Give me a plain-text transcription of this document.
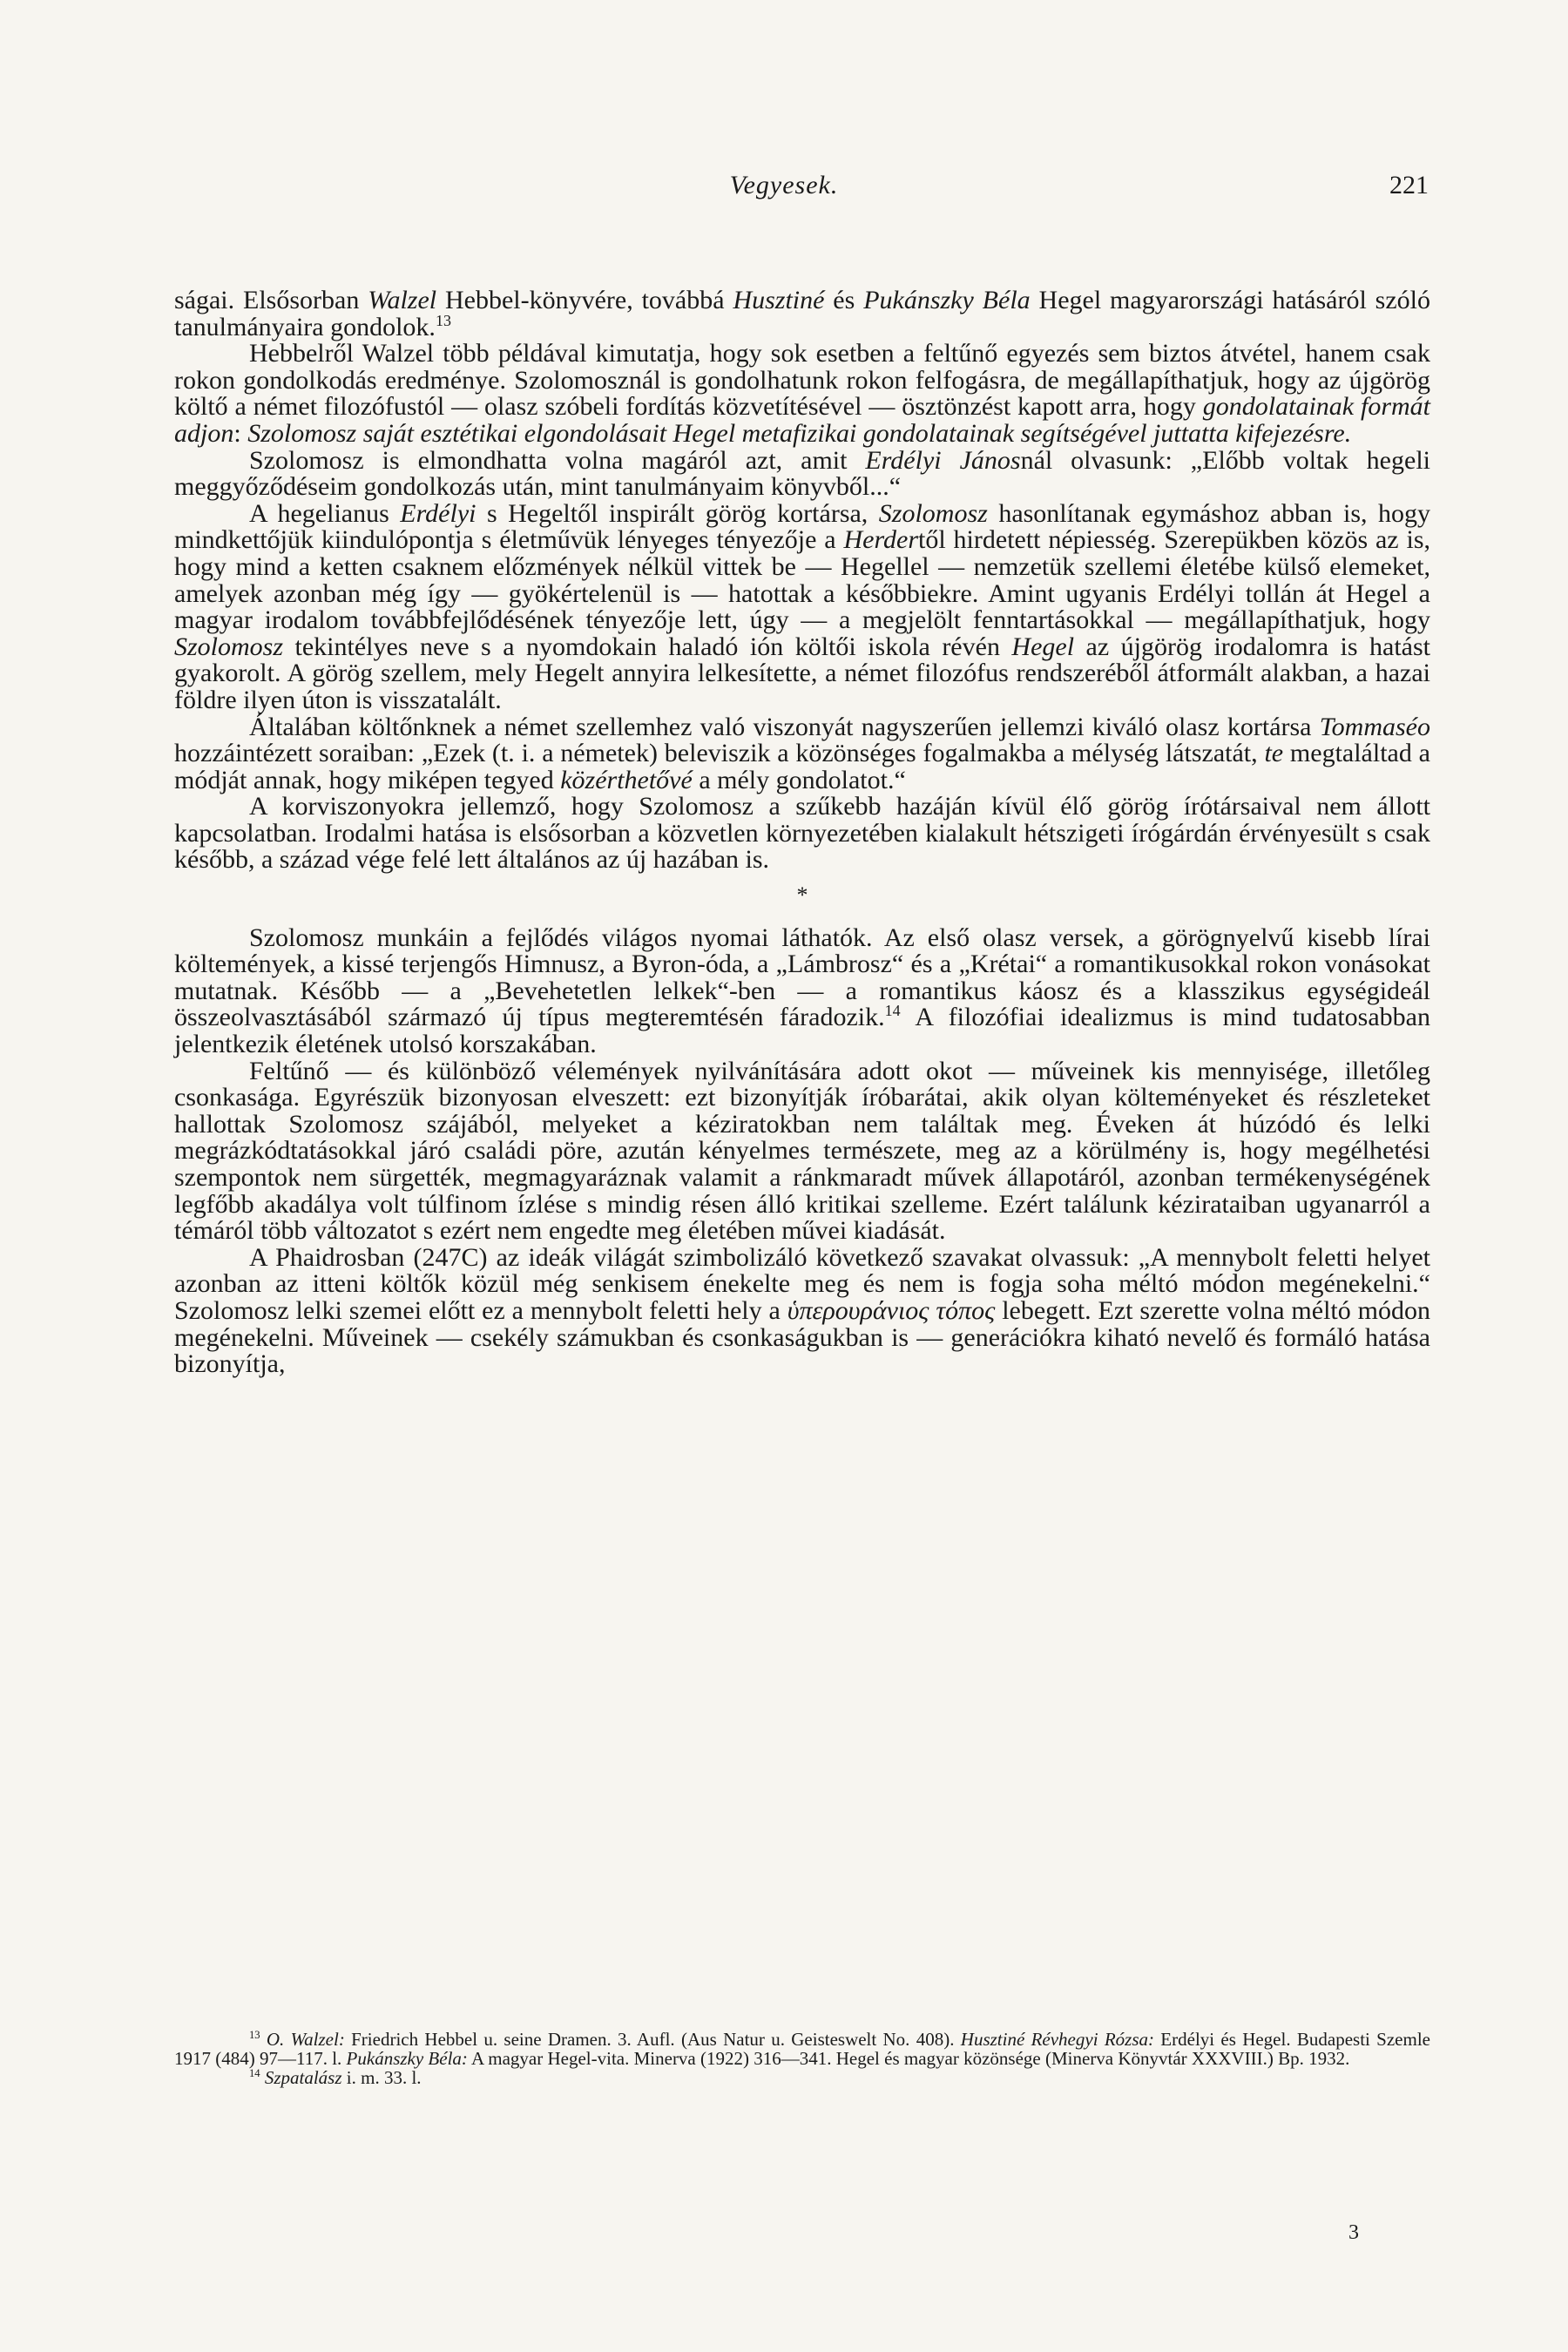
Vegyesek.	221

ságai. Elsősorban Walzel Hebbel-könyvére, továbbá Husztiné és Pukánszky Béla Hegel magyarországi hatásáról szóló tanulmányaira gondolok.$^{13}$

Hebbelről Walzel több példával kimutatja, hogy sok esetben a feltűnő egyezés sem biztos átvétel, hanem csak rokon gondolkodás eredménye. Szolomosznál is gondolhatunk rokon felfogásra, de megállapíthatjuk, hogy az újgörög költő a német filozófustól — olasz szóbeli fordítás közvetítésével — ösztönzést kapott arra, hogy gondolatainak formát adjon: Szolomosz saját esztétikai elgondolásait Hegel metafizikai gondolatainak segítségével juttatta kifejezésre.

Szolomosz is elmondhatta volna magáról azt, amit Erdélyi Jánosnál olvasunk: „Előbb voltak hegeli meggyőződéseim gondolkozás után, mint tanulmányaim könyvből...“

A hegelianus Erdélyi s Hegeltől inspirált görög kortársa, Szolomosz hasonlítanak egymáshoz abban is, hogy mindkettőjük kiindulópontja s életművük lényeges tényezője a Herdertől hirdetett népiesség. Szerepükben közös az is, hogy mind a ketten csaknem előzmények nélkül vittek be — Hegellel — nemzetük szellemi életébe külső elemeket, amelyek azonban még így — gyökértelenül is — hatottak a későbbiekre. Amint ugyanis Erdélyi tollán át Hegel a magyar irodalom továbbfejlődésének tényezője lett, úgy — a megjelölt fenntartásokkal — megállapíthatjuk, hogy Szolomosz tekintélyes neve s a nyomdokain haladó ión költői iskola révén Hegel az újgörög irodalomra is hatást gyakorolt. A görög szellem, mely Hegelt annyira lelkesítette, a német filozófus rendszeréből átformált alakban, a hazai földre ilyen úton is visszatalált.

Általában költőnknek a német szellemhez való viszonyát nagyszerűen jellemzi kiváló olasz kortársa Tommaséo hozzáintézett soraiban: „Ezek (t. i. a németek) beleviszik a közönséges fogalmakba a mélység látszatát, te megtaláltad a módját annak, hogy miképen tegyed közérthetővé a mély gondolatot.“

A korviszonyokra jellemző, hogy Szolomosz a szűkebb hazáján kívül élő görög írótársaival nem állott kapcsolatban. Irodalmi hatása is elsősorban a közvetlen környezetében kialakult hétszigeti írógárdán érvényesült s csak később, a század vége felé lett általános az új hazában is.

*

Szolomosz munkáin a fejlődés világos nyomai láthatók. Az első olasz versek, a görögnyelvű kisebb lírai költemények, a kissé terjengős Himnusz, a Byron-óda, a „Lámbrosz“ és a „Krétai“ a romantikusokkal rokon vonásokat mutatnak. Később — a „Bevehetetlen lelkek“-ben — a romantikus káosz és a klasszikus egységideál összeolvasztásából származó új típus megteremtésén fáradozik.$^{14}$ A filozófiai idealizmus is mind tudatosabban jelentkezik életének utolsó korszakában.

Feltűnő — és különböző vélemények nyilvánítására adott okot — műveinek kis mennyisége, illetőleg csonkasága. Egyrészük bizonyosan elveszett: ezt bizonyítják íróbarátai, akik olyan költeményeket és részleteket hallottak Szolomosz szájából, melyeket a kéziratokban nem találtak meg. Éveken át húzódó és lelki megrázkódtatásokkal járó családi pöre, azután kényelmes természete, meg az a körülmény is, hogy megélhetési szempontok nem sürgették, megmagyaráznak valamit a ránkmaradt művek állapotáról, azonban termékenységének legfőbb akadálya volt túlfinom ízlése s mindig résen álló kritikai szelleme. Ezért találunk kézirataiban ugyanarról a témáról több változatot s ezért nem engedte meg életében művei kiadását.

A Phaidrosban (247C) az ideák világát szimbolizáló következő szavakat olvassuk: „A mennybolt feletti helyet azonban az itteni költők közül még senkisem énekelte meg és nem is fogja soha méltó módon megénekelni.“ Szolomosz lelki szemei előtt ez a mennybolt feletti hely a ὑπερουράνιος τόπος lebegett. Ezt szerette volna méltó módon megénekelni. Műveinek — csekély számukban és csonkaságukban is — generációkra kiható nevelő és formáló hatása bizonyítja,

$^{13}$ O. Walzel: Friedrich Hebbel u. seine Dramen. 3. Aufl. (Aus Natur u. Geisteswelt No. 408). Husztiné Révhegyi Rózsa: Erdélyi és Hegel. Budapesti Szemle 1917 (484) 97—117. l. Pukánszky Béla: A magyar Hegel-vita. Minerva (1922) 316—341. Hegel és magyar közönsége (Minerva Könyvtár XXXVIII.) Bp. 1932.

$^{14}$ Szpatalász i. m. 33. l.

3
